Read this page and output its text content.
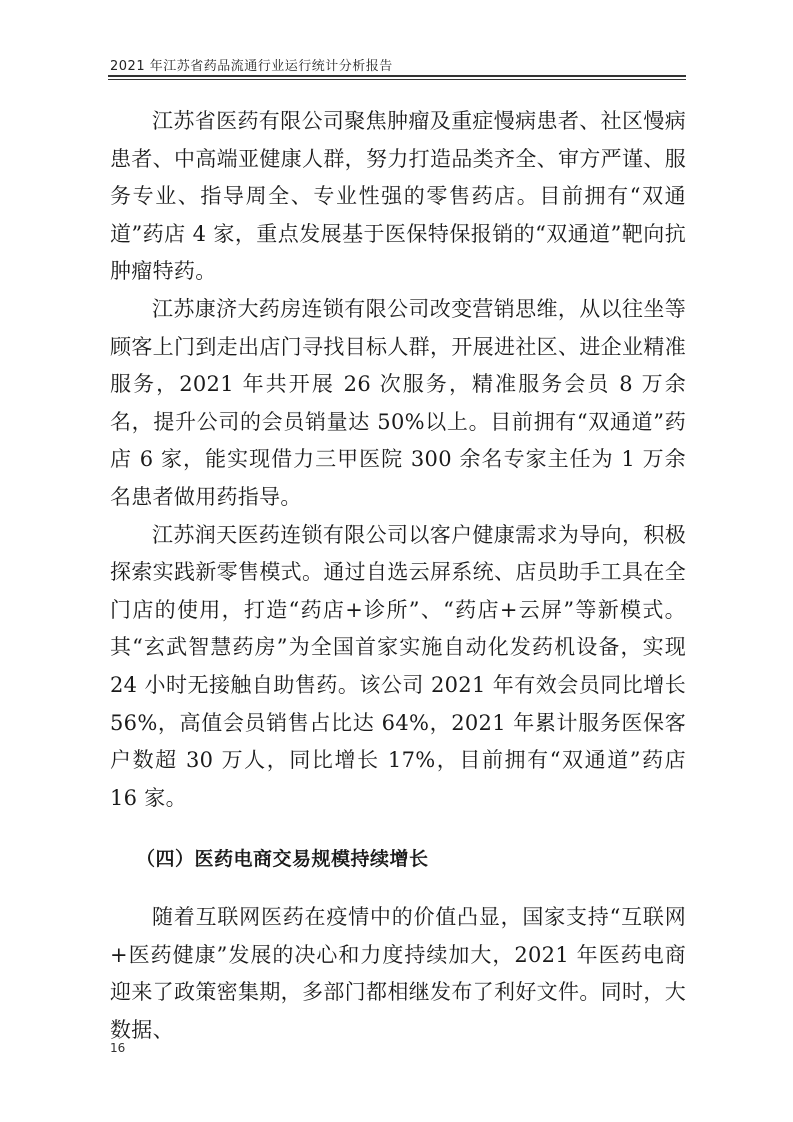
2021 年江苏省药品流通行业运行统计分析报告

江苏省医药有限公司聚焦肿瘤及重症慢病患者、社区慢病患者、中高端亚健康人群，努力打造品类齐全、审方严谨、服务专业、指导周全、专业性强的零售药店。目前拥有“双通道”药店 4 家，重点发展基于医保特保报销的“双通道”靶向抗肿瘤特药。

江苏康济大药房连锁有限公司改变营销思维，从以往坐等顾客上门到走出店门寻找目标人群，开展进社区、进企业精准服务，2021 年共开展 26 次服务，精准服务会员 8 万余名，提升公司的会员销量达 50%以上。目前拥有“双通道”药店 6 家，能实现借力三甲医院 300 余名专家主任为 1 万余名患者做用药指导。

江苏润天医药连锁有限公司以客户健康需求为导向，积极探索实践新零售模式。通过自选云屏系统、店员助手工具在全门店的使用，打造“药店+诊所”、“药店+云屏”等新模式。其“玄武智慧药房”为全国首家实施自动化发药机设备，实现 24 小时无接触自助售药。该公司 2021 年有效会员同比增长 56%，高值会员销售占比达 64%，2021 年累计服务医保客户数超 30 万人，同比增长 17%，目前拥有“双通道”药店 16 家。

（四）医药电商交易规模持续增长

随着互联网医药在疫情中的价值凸显，国家支持“互联网+医药健康”发展的决心和力度持续加大，2021 年医药电商迎来了政策密集期，多部门都相继发布了利好文件。同时，大数据、

16
